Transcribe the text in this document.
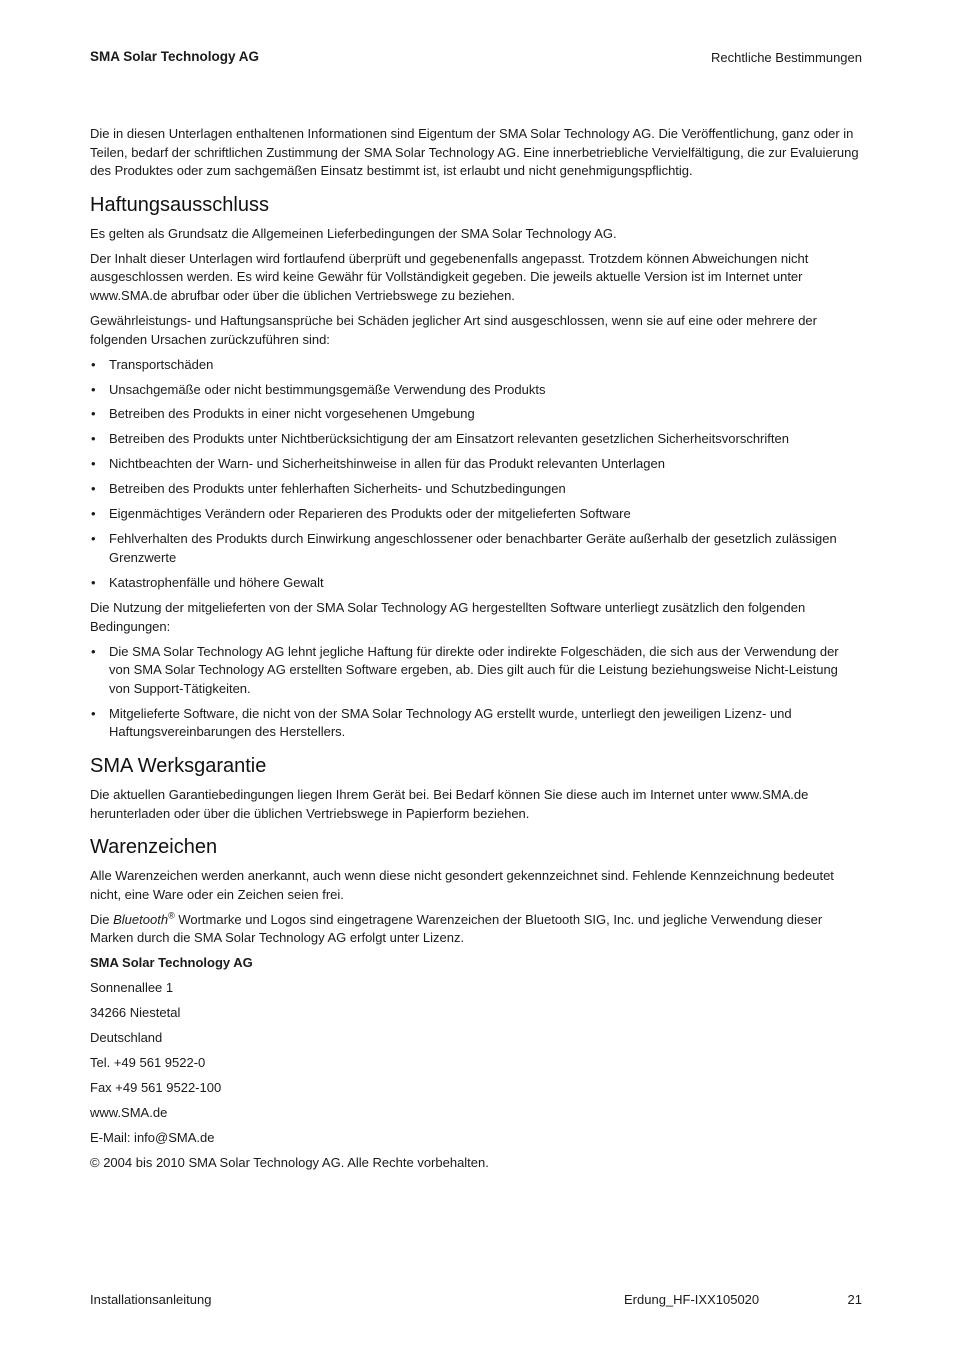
SMA Solar Technology AG	Rechtliche Bestimmungen

Die in diesen Unterlagen enthaltenen Informationen sind Eigentum der SMA Solar Technology AG. Die Veröffentlichung, ganz oder in Teilen, bedarf der schriftlichen Zustimmung der SMA Solar Technology AG. Eine innerbetriebliche Vervielfältigung, die zur Evaluierung des Produktes oder zum sachgemäßen Einsatz bestimmt ist, ist erlaubt und nicht genehmigungspflichtig.

Haftungsausschluss

Es gelten als Grundsatz die Allgemeinen Lieferbedingungen der SMA Solar Technology AG.

Der Inhalt dieser Unterlagen wird fortlaufend überprüft und gegebenenfalls angepasst. Trotzdem können Abweichungen nicht ausgeschlossen werden. Es wird keine Gewähr für Vollständigkeit gegeben. Die jeweils aktuelle Version ist im Internet unter www.SMA.de abrufbar oder über die üblichen Vertriebswege zu beziehen.

Gewährleistungs- und Haftungsansprüche bei Schäden jeglicher Art sind ausgeschlossen, wenn sie auf eine oder mehrere der folgenden Ursachen zurückzuführen sind:

• Transportschäden
• Unsachgemäße oder nicht bestimmungsgemäße Verwendung des Produkts
• Betreiben des Produkts in einer nicht vorgesehenen Umgebung
• Betreiben des Produkts unter Nichtberücksichtigung der am Einsatzort relevanten gesetzlichen Sicherheitsvorschriften
• Nichtbeachten der Warn- und Sicherheitshinweise in allen für das Produkt relevanten Unterlagen
• Betreiben des Produkts unter fehlerhaften Sicherheits- und Schutzbedingungen
• Eigenmächtiges Verändern oder Reparieren des Produkts oder der mitgelieferten Software
• Fehlverhalten des Produkts durch Einwirkung angeschlossener oder benachbarter Geräte außerhalb der gesetzlich zulässigen Grenzwerte
• Katastrophenfälle und höhere Gewalt

Die Nutzung der mitgelieferten von der SMA Solar Technology AG hergestellten Software unterliegt zusätzlich den folgenden Bedingungen:

• Die SMA Solar Technology AG lehnt jegliche Haftung für direkte oder indirekte Folgeschäden, die sich aus der Verwendung der von SMA Solar Technology AG erstellten Software ergeben, ab. Dies gilt auch für die Leistung beziehungsweise Nicht-Leistung von Support-Tätigkeiten.
• Mitgelieferte Software, die nicht von der SMA Solar Technology AG erstellt wurde, unterliegt den jeweiligen Lizenz- und Haftungsvereinbarungen des Herstellers.
SMA Werksgarantie

Die aktuellen Garantiebedingungen liegen Ihrem Gerät bei. Bei Bedarf können Sie diese auch im Internet unter www.SMA.de herunterladen oder über die üblichen Vertriebswege in Papierform beziehen.

Warenzeichen

Alle Warenzeichen werden anerkannt, auch wenn diese nicht gesondert gekennzeichnet sind. Fehlende Kennzeichnung bedeutet nicht, eine Ware oder ein Zeichen seien frei.

Die Bluetooth® Wortmarke und Logos sind eingetragene Warenzeichen der Bluetooth SIG, Inc. und jegliche Verwendung dieser Marken durch die SMA Solar Technology AG erfolgt unter Lizenz.

SMA Solar Technology AG

Sonnenallee 1

34266 Niestetal

Deutschland

Tel. +49 561 9522-0

Fax +49 561 9522-100

www.SMA.de

E-Mail: info@SMA.de

© 2004 bis 2010 SMA Solar Technology AG. Alle Rechte vorbehalten.

Installationsanleitung	Erdung_HF-IXX105020	21
